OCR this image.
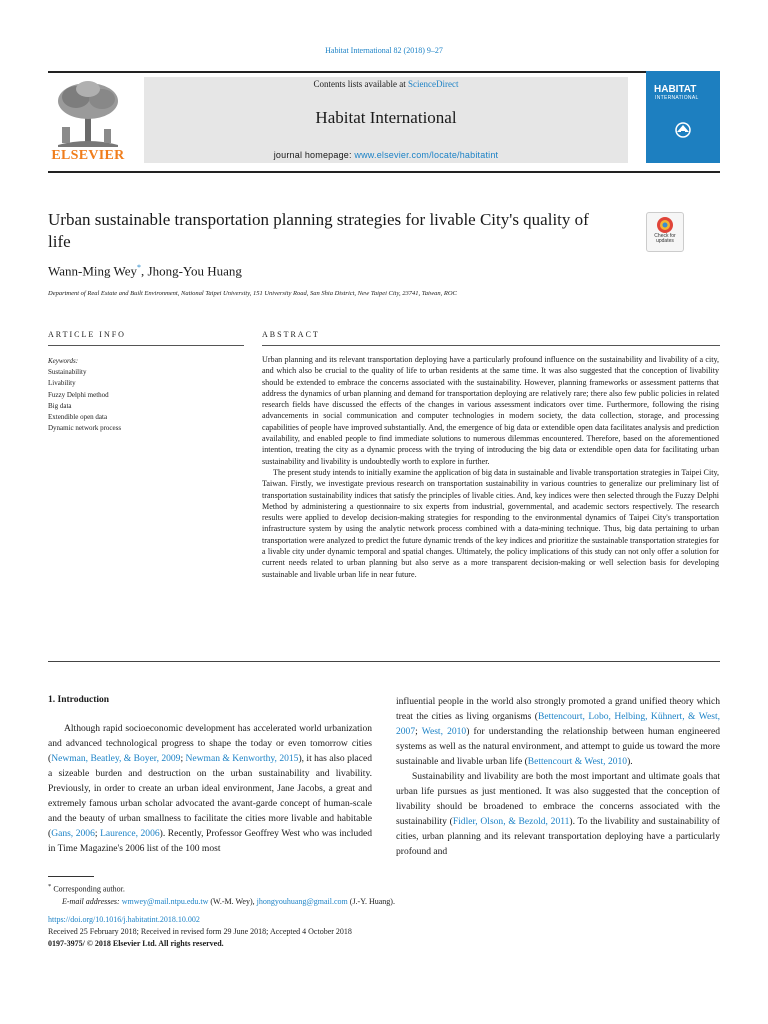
Habitat International 82 (2018) 9–27
ELSEVIER
Contents lists available at ScienceDirect
Habitat International
journal homepage: www.elsevier.com/locate/habitatint
HABITAT
INTERNATIONAL
Urban sustainable transportation planning strategies for livable City's quality of life	Check for
updates
Wann-Ming Wey*, Jhong-You Huang
Department of Real Estate and Built Environment, National Taipei University, 151 University Road, San Shia District, New Taipei City, 23741, Taiwan, ROC
ARTICLE INFO	ABSTRACT
Keywords:
Sustainability
Livability
Fuzzy Delphi method
Big data
Extendible open data
Dynamic network process

Urban planning and its relevant transportation deploying have a particularly profound influence on the sustainability and livability of a city, and which also be crucial to the quality of life to urban residents at the same time. It was also suggested that the conception of livability should be extended to embrace the concerns associated with the sustainability. However, planning frameworks or assessment patterns that address the dynamics of urban planning and demand for transportation deploying are relatively rare; there also few public policies in related research fields have discussed the effects of the changes in various assessment indicators over time. Furthermore, following the rising advancements in social communication and computer technologies in modern society, the data collection, storage, and processing capabilities of people have improved substantially. And, the emergence of big data or extendible open data facilitates analysis and prediction availability, and enabled people to find immediate solutions to numerous dilemmas encountered. Therefore, based on the aforementioned intention, treating the city as a dynamic process with the trying of introducing the big data or extendible open data for facilitating urban sustainability and livability is undoubtedly worth to explore in further.

The present study intends to initially examine the application of big data in sustainable and livable transportation strategies in Taipei City, Taiwan. Firstly, we investigate previous research on transportation sustainability in various countries to generalize our preliminary list of transportation sustainability indices that satisfy the principles of livable cities. And, key indices were then selected through the Fuzzy Delphi Method by administering a questionnaire to six experts from industrial, governmental, and academic sectors respectively. The research results were applied to develop decision-making strategies for responding to the environmental dynamics of Taipei City's transportation infrastructure system by using the analytic network process combined with a data-mining technique. Thus, big data pertaining to urban transportation were analyzed to predict the future dynamic trends of the key indices and prioritize the sustainable transportation strategies for a livable city under dynamic temporal and spatial changes. Ultimately, the policy implications of this study can not only offer a solution for current needs related to urban planning but also serve as a more transparent decision-making or well selection basis for developing sustainable and livable urban life in near future.

1. Introduction

Although rapid socioeconomic development has accelerated world urbanization and advanced technological progress to shape the today or even tomorrow cities (Newman, Beatley, & Boyer, 2009; Newman & Kenworthy, 2015), it has also placed a sizeable burden and destruction on the urban sustainability and livability. Previously, in order to create an urban ideal environment, Jane Jacobs, a great and extremely famous urban scholar advocated the avant-garde concept of human-scale and the beauty of urban smallness to facilitate the cities more livable and habitable (Gans, 2006; Laurence, 2006). Recently, Professor Geoffrey West who was included in Time Magazine's 2006 list of the 100 most

influential people in the world also strongly promoted a grand unified theory which treat the cities as living organisms (Bettencourt, Lobo, Helbing, Kühnert, & West, 2007; West, 2010) for understanding the relationship between human engineered systems as well as the natural environment, and attempt to guide us toward the more sustainable and livable urban life (Bettencourt & West, 2010).

Sustainability and livability are both the most important and ultimate goals that urban life pursues as just mentioned. It was also suggested that the conception of livability should be broadened to embrace the concerns associated with the sustainability (Fidler, Olson, & Bezold, 2011). To the livability and sustainability of cities, urban planning and its relevant transportation deploying have a particularly profound and

* Corresponding author.
E-mail addresses: wmwey@mail.ntpu.edu.tw (W.-M. Wey), jhongyouhuang@gmail.com (J.-Y. Huang).
https://doi.org/10.1016/j.habitatint.2018.10.002
Received 25 February 2018; Received in revised form 29 June 2018; Accepted 4 October 2018
0197-3975/ © 2018 Elsevier Ltd. All rights reserved.
